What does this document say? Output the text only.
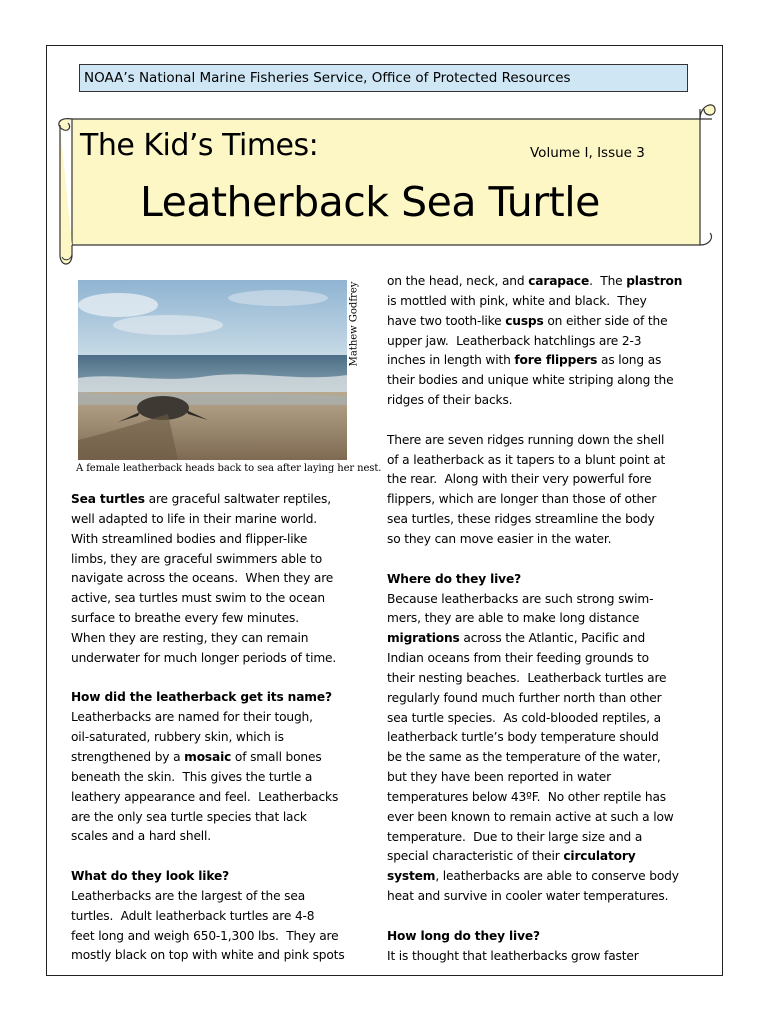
NOAA’s National Marine Fisheries Service, Office of Protected Resources
The Kid’s Times:	Volume I, Issue 3
Leatherback Sea Turtle
Mathew Godfrey
A female leatherback heads back to sea after laying her nest.
Sea turtles are graceful saltwater reptiles,
well adapted to life in their marine world.
With streamlined bodies and flipper-like
limbs, they are graceful swimmers able to
navigate across the oceans.  When they are
active, sea turtles must swim to the ocean
surface to breathe every few minutes.
When they are resting, they can remain
underwater for much longer periods of time.
How did the leatherback get its name?
Leatherbacks are named for their tough,
oil-saturated, rubbery skin, which is
strengthened by a mosaic of small bones
beneath the skin.  This gives the turtle a
leathery appearance and feel.  Leatherbacks
are the only sea turtle species that lack
scales and a hard shell.
What do they look like?
Leatherbacks are the largest of the sea
turtles.  Adult leatherback turtles are 4-8
feet long and weigh 650-1,300 lbs.  They are
mostly black on top with white and pink spots
on the head, neck, and carapace.  The plastron
is mottled with pink, white and black.  They
have two tooth-like cusps on either side of the
upper jaw.  Leatherback hatchlings are 2-3
inches in length with fore flippers as long as
their bodies and unique white striping along the
ridges of their backs.
There are seven ridges running down the shell
of a leatherback as it tapers to a blunt point at
the rear.  Along with their very powerful fore
flippers, which are longer than those of other
sea turtles, these ridges streamline the body
so they can move easier in the water.
Where do they live?
Because leatherbacks are such strong swim-
mers, they are able to make long distance
migrations across the Atlantic, Pacific and
Indian oceans from their feeding grounds to
their nesting beaches.  Leatherback turtles are
regularly found much further north than other
sea turtle species.  As cold-blooded reptiles, a
leatherback turtle’s body temperature should
be the same as the temperature of the water,
but they have been reported in water
temperatures below 43ºF.  No other reptile has
ever been known to remain active at such a low
temperature.  Due to their large size and a
special characteristic of their circulatory
system, leatherbacks are able to conserve body
heat and survive in cooler water temperatures.
How long do they live?
It is thought that leatherbacks grow faster
